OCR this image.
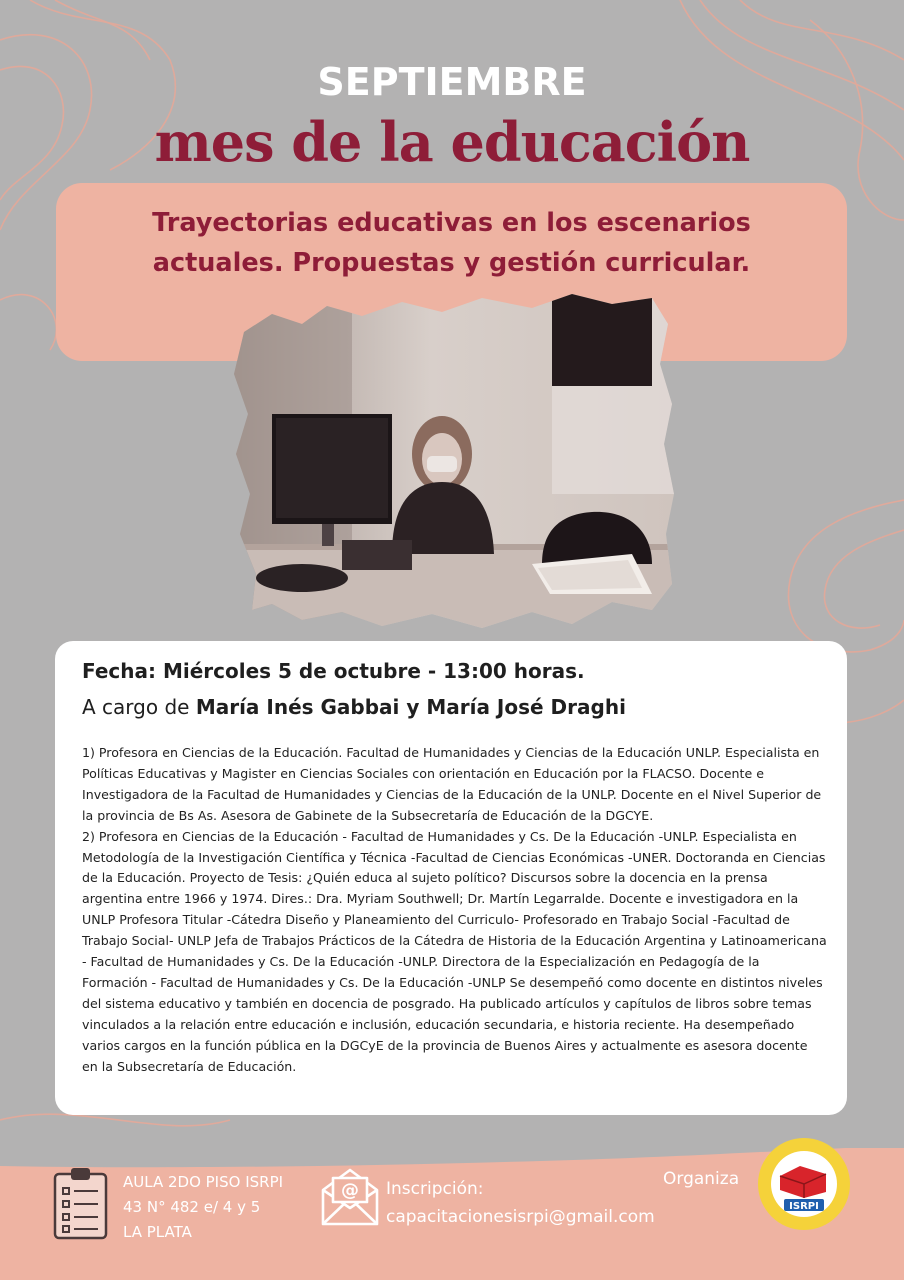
SEPTIEMBRE
mes de la educación
Trayectorias educativas en los escenarios
actuales. Propuestas y gestión curricular.
Fecha: Miércoles 5 de octubre - 13:00 horas.
A cargo de María Inés Gabbai y María José Draghi

1) Profesora en Ciencias de la Educación. Facultad de Humanidades y Ciencias de la Educación UNLP. Especialista en Políticas Educativas y Magister en Ciencias Sociales con orientación en Educación por la FLACSO. Docente e Investigadora de la Facultad de Humanidades y Ciencias de la Educación de la UNLP. Docente en el Nivel Superior de la provincia de Bs As. Asesora de Gabinete de la Subsecretaría de Educación de la DGCYE.

2) Profesora en Ciencias de la Educación - Facultad de Humanidades y Cs. De la Educación -UNLP. Especialista en Metodología de la Investigación Científica y Técnica -Facultad de Ciencias Económicas -UNER. Doctoranda en Ciencias de la Educación. Proyecto de Tesis: ¿Quién educa al sujeto político? Discursos sobre la docencia en la prensa argentina entre 1966 y 1974. Dires.: Dra. Myriam Southwell; Dr. Martín Legarralde. Docente e investigadora en la UNLP Profesora Titular -Cátedra Diseño y Planeamiento del Curriculo- Profesorado en Trabajo Social -Facultad de Trabajo Social- UNLP Jefa de Trabajos Prácticos de la Cátedra de Historia de la Educación Argentina y Latinoamericana - Facultad de Humanidades y Cs. De la Educación -UNLP. Directora de la Especialización en Pedagogía de la Formación - Facultad de Humanidades y Cs. De la Educación -UNLP Se desempeñó como docente en distintos niveles del sistema educativo y también en docencia de posgrado. Ha publicado artículos y capítulos de libros sobre temas vinculados a la relación entre educación e inclusión, educación secundaria, e historia reciente. Ha desempeñado varios cargos en la función pública en la DGCyE de la provincia de Buenos Aires y actualmente es asesora docente en la Subsecretaría de Educación.

AULA 2DO PISO ISRPI
43 N° 482 e/ 4 y 5
LA PLATA
@ Inscripción:
capacitacionesisrpi@gmail.com
Organiza
ISRPI
